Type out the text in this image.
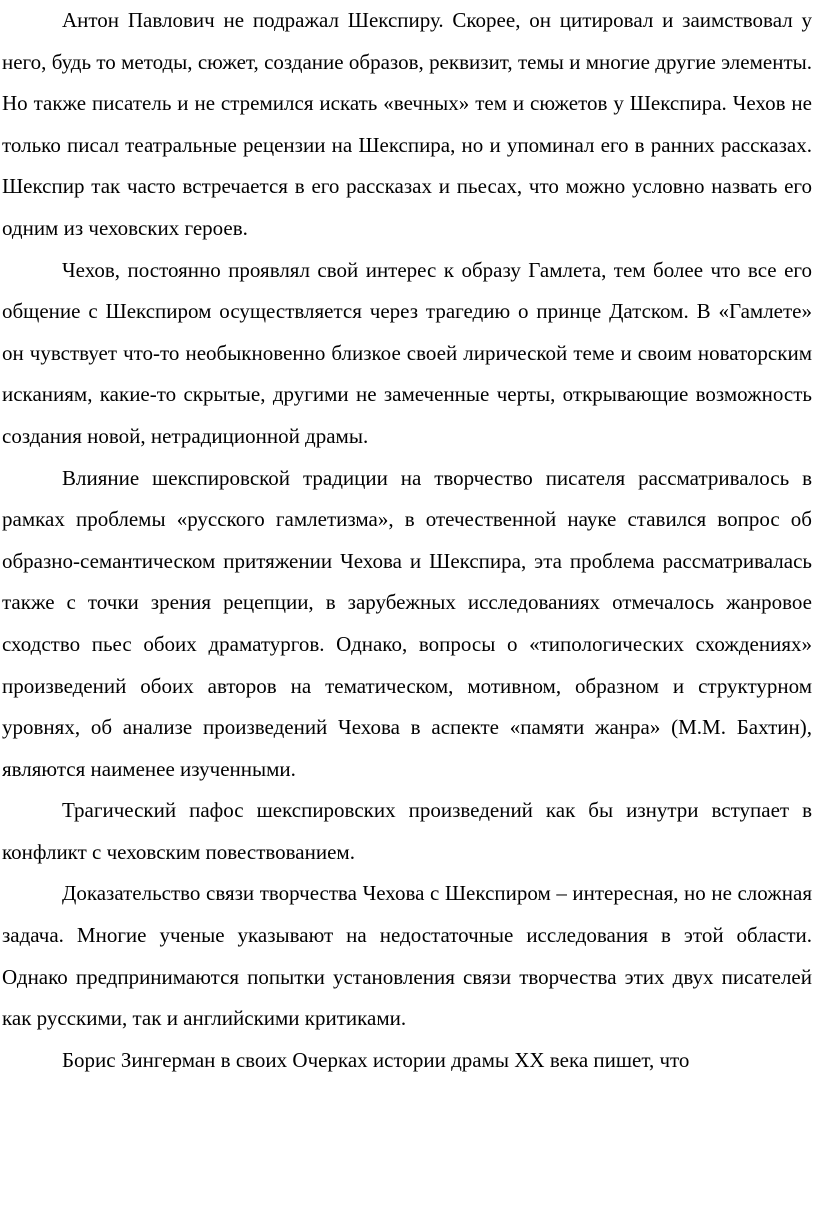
Антон Павлович не подражал Шекспиру. Скорее, он цитировал и заимствовал у него, будь то методы, сюжет, создание образов, реквизит, темы и многие другие элементы. Но также писатель и не стремился искать «вечных» тем и сюжетов у Шекспира. Чехов не только писал театральные рецензии на Шекспира, но и упоминал его в ранних рассказах. Шекспир так часто встречается в его рассказах и пьесах, что можно условно назвать его одним из чеховских героев.

Чехов, постоянно проявлял свой интерес к образу Гамлета, тем более что все его общение с Шекспиром осуществляется через трагедию о принце Датском. В «Гамлете» он чувствует что-то необыкновенно близкое своей лирической теме и своим новаторским исканиям, какие-то скрытые, другими не замеченные черты, открывающие возможность создания новой, нетрадиционной драмы.

Влияние шекспировской традиции на творчество писателя рассматривалось в рамках проблемы «русского гамлетизма», в отечественной науке ставился вопрос об образно-семантическом притяжении Чехова и Шекспира, эта проблема рассматривалась также с точки зрения рецепции, в зарубежных исследованиях отмечалось жанровое сходство пьес обоих драматургов. Однако, вопросы о «типологических схождениях» произведений обоих авторов на тематическом, мотивном, образном и структурном уровнях, об анализе произведений Чехова в аспекте «памяти жанра» (М.М. Бахтин), являются наименее изученными.

Трагический пафос шекспировских произведений как бы изнутри вступает в конфликт с чеховским повествованием.

Доказательство связи творчества Чехова с Шекспиром – интересная, но не сложная задача. Многие ученые указывают на недостаточные исследования в этой области. Однако предпринимаются попытки установления связи творчества этих двух писателей как русскими, так и английскими критиками.

Борис Зингерман в своих Очерках истории драмы XX века пишет, что
